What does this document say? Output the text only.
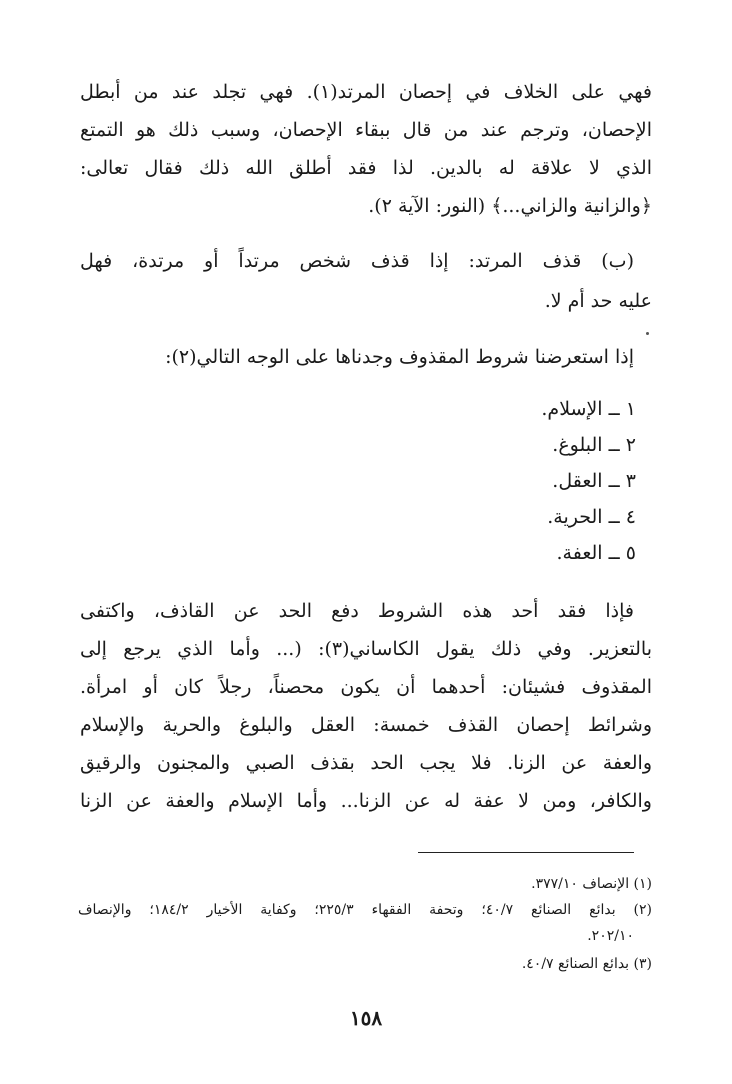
فهي على الخلاف في إحصان المرتد(١). فهي تجلد عند من أبطل
الإحصان، وترجم عند من قال ببقاء الإحصان، وسبب ذلك هو التمتع
الذي لا علاقة له بالدين. لذا فقد أطلق الله ذلك فقال تعالى:
﴿والزانية والزاني...﴾ (النور: الآية ٢).
(ب) قذف المرتد: إذا قذف شخص مرتداً أو مرتدة، فهل
عليه حد أم لا.
إذا استعرضنا شروط المقذوف وجدناها على الوجه التالي(٢):
١ ــ الإسلام.
٢ ــ البلوغ.
٣ ــ العقل.
٤ ــ الحرية.
٥ ــ العفة.
فإذا فقد أحد هذه الشروط دفع الحد عن القاذف، واكتفى
بالتعزير. وفي ذلك يقول الكاساني(٣): (... وأما الذي يرجع إلى
المقذوف فشيئان: أحدهما أن يكون محصناً، رجلاً كان أو امرأة.
وشرائط إحصان القذف خمسة: العقل والبلوغ والحرية والإسلام
والعفة عن الزنا. فلا يجب الحد بقذف الصبي والمجنون والرقيق
والكافر، ومن لا عفة له عن الزنا... وأما الإسلام والعفة عن الزنا
(١) الإنصاف ٣٧٧/١٠.
(٢) بدائع الصنائع ٤٠/٧؛ وتحفة الفقهاء ٢٢٥/٣؛ وكفاية الأخيار ١٨٤/٢؛ والإنصاف
٢٠٢/١٠.
(٣) بدائع الصنائع ٤٠/٧.
١٥٨
